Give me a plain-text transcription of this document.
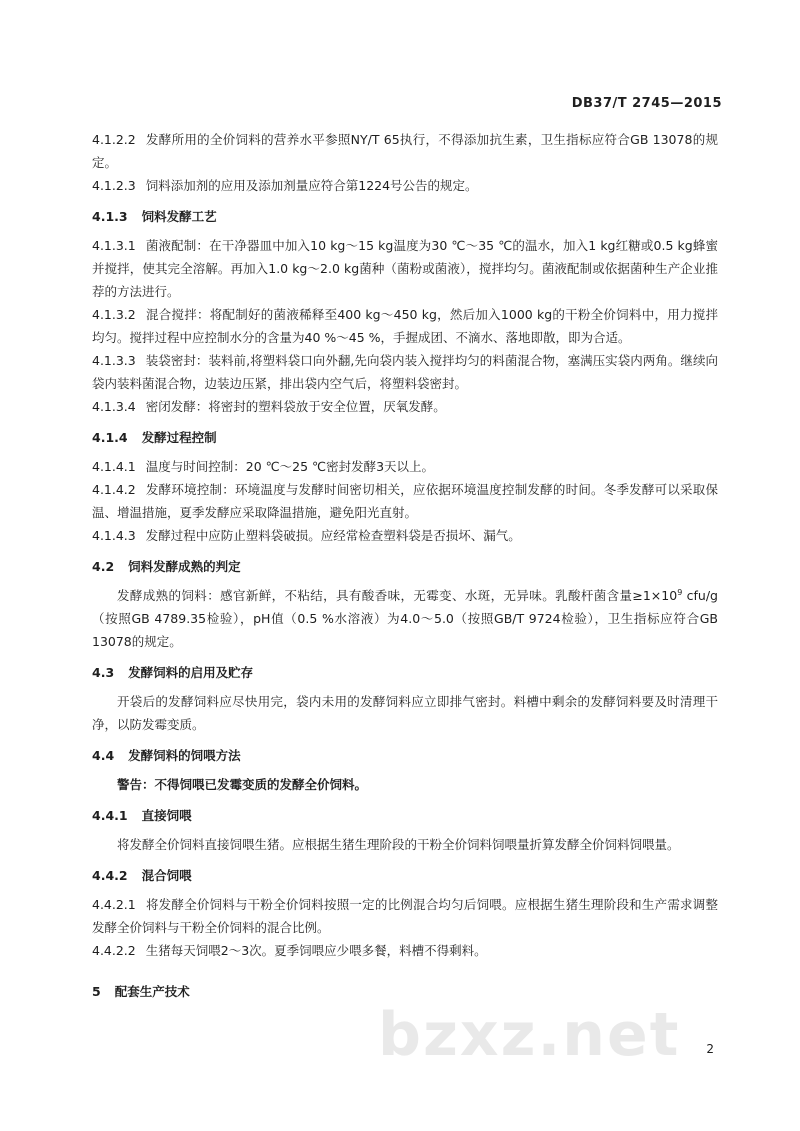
DB37/T 2745—2015

4.1.2.2 发酵所用的全价饲料的营养水平参照NY/T 65执行，不得添加抗生素，卫生指标应符合GB 13078的规定。

4.1.2.3 饲料添加剂的应用及添加剂量应符合第1224号公告的规定。

4.1.3 饲料发酵工艺

4.1.3.1 菌液配制：在干净器皿中加入10 kg～15 kg温度为30 ℃～35 ℃的温水，加入1 kg红糖或0.5 kg蜂蜜并搅拌，使其完全溶解。再加入1.0 kg～2.0 kg菌种（菌粉或菌液），搅拌均匀。菌液配制或依据菌种生产企业推荐的方法进行。

4.1.3.2 混合搅拌：将配制好的菌液稀释至400 kg～450 kg，然后加入1000 kg的干粉全价饲料中，用力搅拌均匀。搅拌过程中应控制水分的含量为40 %～45 %，手握成团、不滴水、落地即散，即为合适。

4.1.3.3 装袋密封：装料前,将塑料袋口向外翻,先向袋内装入搅拌均匀的料菌混合物，塞满压实袋内两角。继续向袋内装料菌混合物，边装边压紧，排出袋内空气后，将塑料袋密封。

4.1.3.4 密闭发酵：将密封的塑料袋放于安全位置，厌氧发酵。

4.1.4 发酵过程控制

4.1.4.1 温度与时间控制：20 ℃～25 ℃密封发酵3天以上。

4.1.4.2 发酵环境控制：环境温度与发酵时间密切相关，应依据环境温度控制发酵的时间。冬季发酵可以采取保温、增温措施，夏季发酵应采取降温措施，避免阳光直射。

4.1.4.3 发酵过程中应防止塑料袋破损。应经常检查塑料袋是否损坏、漏气。

4.2 饲料发酵成熟的判定

发酵成熟的饲料：感官新鲜，不粘结，具有酸香味，无霉变、水斑，无异味。乳酸杆菌含量$\ge 1\times 10^9$ cfu/g（按照GB 4789.35检验），pH值（0.5 %水溶液）为4.0～5.0（按照GB/T 9724检验），卫生指标应符合GB 13078的规定。

4.3 发酵饲料的启用及贮存

开袋后的发酵饲料应尽快用完，袋内未用的发酵饲料应立即排气密封。料槽中剩余的发酵饲料要及时清理干净，以防发霉变质。

4.4 发酵饲料的饲喂方法

警告：不得饲喂已发霉变质的发酵全价饲料。

4.4.1 直接饲喂

将发酵全价饲料直接饲喂生猪。应根据生猪生理阶段的干粉全价饲料饲喂量折算发酵全价饲料饲喂量。

4.4.2 混合饲喂

4.4.2.1 将发酵全价饲料与干粉全价饲料按照一定的比例混合均匀后饲喂。应根据生猪生理阶段和生产需求调整发酵全价饲料与干粉全价饲料的混合比例。

4.4.2.2 生猪每天饲喂2～3次。夏季饲喂应少喂多餐，料槽不得剩料。

5 配套生产技术
bzxz.net 2
